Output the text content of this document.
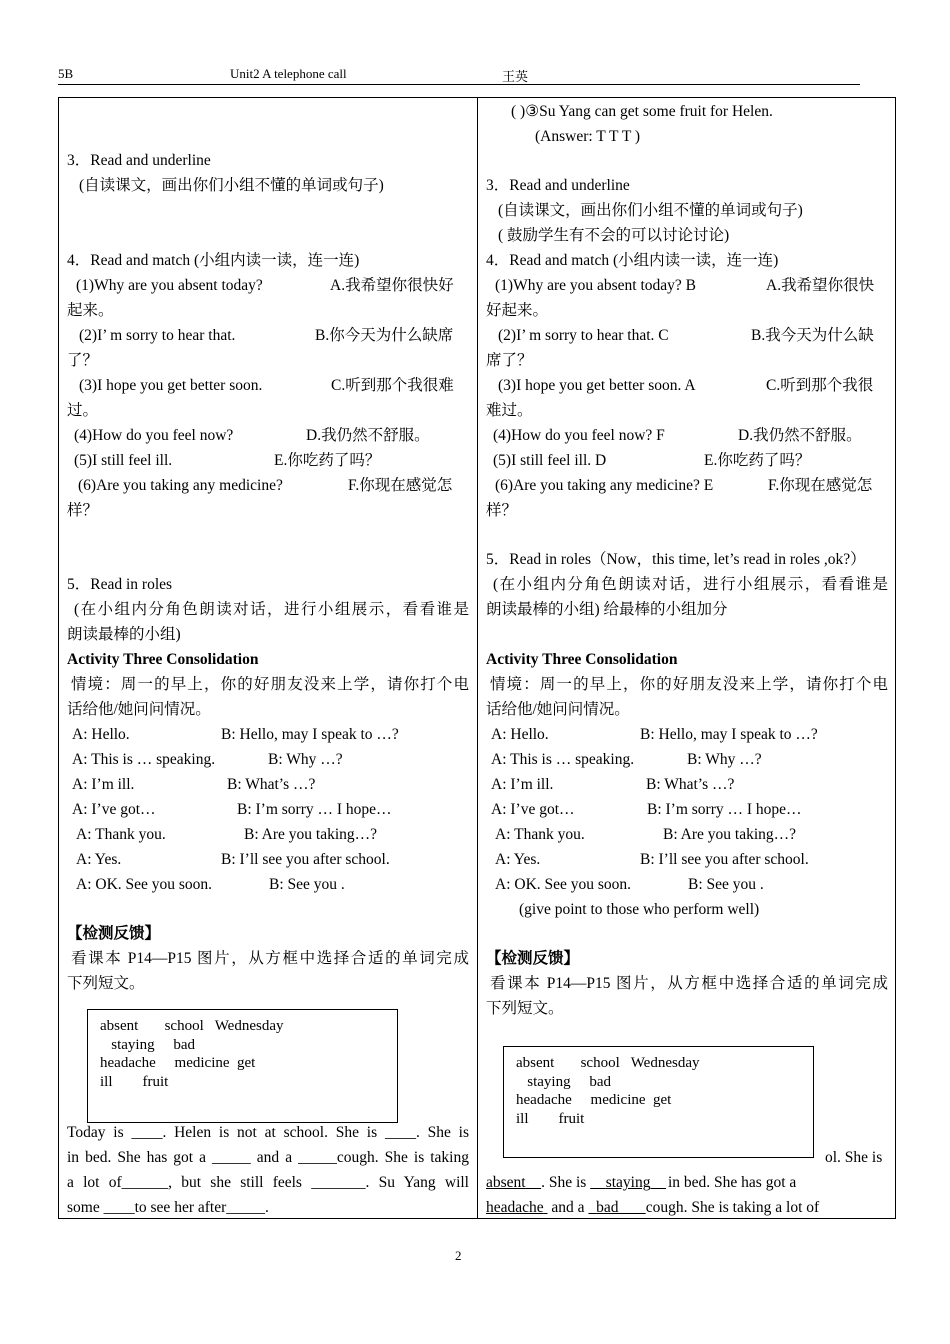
5B	Unit2 A telephone call	王英
3．Read and underline
(自读课文，画出你们小组不懂的单词或句子)
4．Read and match (小组内读一读，连一连)
(1)Why are you absent today?	A.我希望你很快好
起来。
(2)I’ m sorry to hear that.	B.你今天为什么缺席
了？
(3)I hope you get better soon.	C.听到那个我很难
过。
(4)How do you feel now?	D.我仍然不舒服。
(5)I still feel ill.	E.你吃药了吗？
(6)Are you taking any medicine?	F.你现在感觉怎
样？
5．Read in roles
(在小组内分角色朗读对话，进行小组展示，看看谁是
朗读最棒的小组)
Activity Three Consolidation
情境：周一的早上，你的好朋友没来上学，请你打个电
话给他/她问问情况。
A: Hello.	B: Hello, may I speak to …?
A: This is … speaking.	B: Why …?
A: I’m ill.	B: What’s …?
A: I’ve got…	B: I’m sorry … I hope…
A: Thank you.	B: Are you taking…?
A: Yes.	B: I’ll see you after school.
A: OK. See you soon.	B: See you .
【检测反馈】
看课本 P14—P15 图片，从方框中选择合适的单词完成
下列短文。
absent       school   Wednesday
staying     bad
headache     medicine  get
ill        fruit
Today is ____. Helen is not at school. She is ____. She is
in bed. She has got a _____ and a _____cough. She is taking
a lot of______, but she still feels _______. Su Yang will
some ____to see her after_____.
( )③Su Yang can get some fruit for Helen.
(Answer: T T T )
3．Read and underline
(自读课文，画出你们小组不懂的单词或句子)
( 鼓励学生有不会的可以讨论讨论)
4．Read and match (小组内读一读，连一连)
(1)Why are you absent today? B	A.我希望你很快
好起来。
(2)I’ m sorry to hear that. C	B.我今天为什么缺
席了？
(3)I hope you get better soon. A	C.听到那个我很
难过。
(4)How do you feel now? F	D.我仍然不舒服。
(5)I still feel ill. D	E.你吃药了吗？
(6)Are you taking any medicine? E	F.你现在感觉怎
样？
5．Read in roles（Now，this time, let’s read in roles ,ok?）
(在小组内分角色朗读对话，进行小组展示，看看谁是
朗读最棒的小组) 给最棒的小组加分
Activity Three Consolidation
情境：周一的早上，你的好朋友没来上学，请你打个电
话给他/她问问情况。
A: Hello.	B: Hello, may I speak to …?
A: This is … speaking.	B: Why …?
A: I’m ill.	B: What’s …?
A: I’ve got…	B: I’m sorry … I hope…
A: Thank you.	B: Are you taking…?
A: Yes.	B: I’ll see you after school.
A: OK. See you soon.	B: See you .
(give point to those who perform well)
【检测反馈】
看课本 P14—P15 图片，从方框中选择合适的单词完成
下列短文。
ol. She is
absent . She is     staying in bed. She has got a
headache  and a   bad cough. She is taking a lot of
absent       school   Wednesday
staying     bad
headache     medicine  get
ill        fruit
2
